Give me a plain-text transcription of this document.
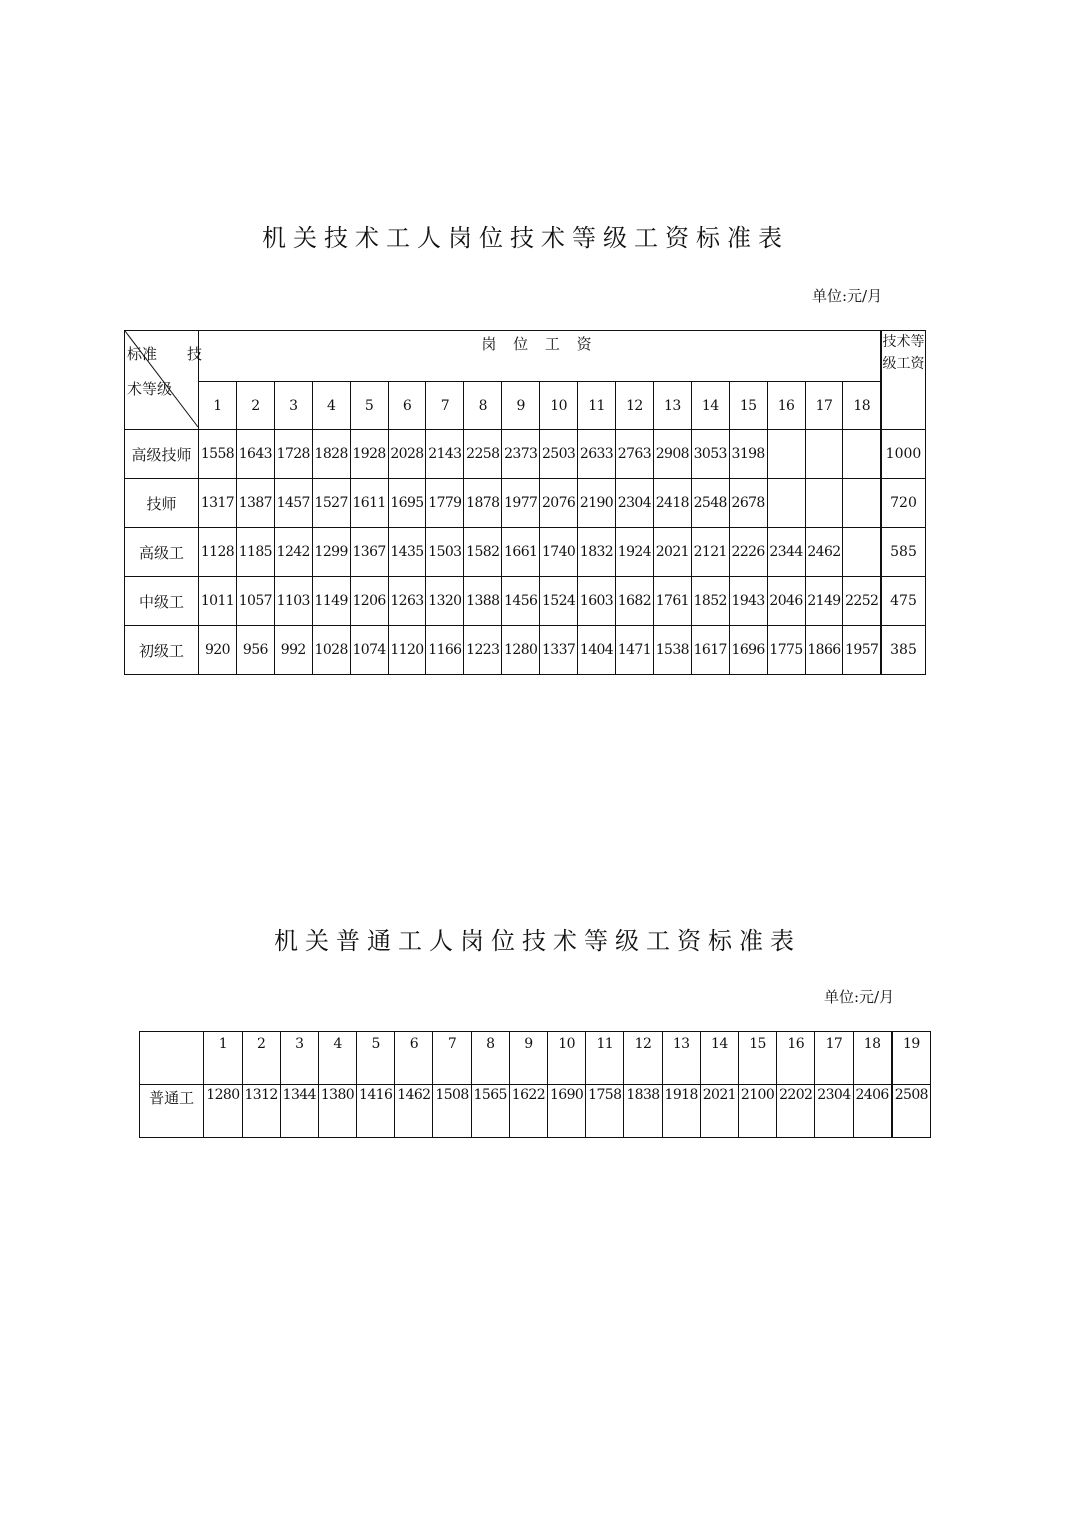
机关技术工人岗位技术等级工资标准表
单位:元/月
标准 技
术等级	岗 位 工 资																		技术等级工资
	1	2	3	4	5	6	7	8	9	10	11	12	13	14	15	16	17	18	
高级技师	1558	1643	1728	1828	1928	2028	2143	2258	2373	2503	2633	2763	2908	3053	3198				1000
技师	1317	1387	1457	1527	1611	1695	1779	1878	1977	2076	2190	2304	2418	2548	2678				720
高级工	1128	1185	1242	1299	1367	1435	1503	1582	1661	1740	1832	1924	2021	2121	2226	2344	2462		585
中级工	1011	1057	1103	1149	1206	1263	1320	1388	1456	1524	1603	1682	1761	1852	1943	2046	2149	2252	475
初级工	920	956	992	1028	1074	1120	1166	1223	1280	1337	1404	1471	1538	1617	1696	1775	1866	1957	385
机关普通工人岗位技术等级工资标准表
单位:元/月
	1	2	3	4	5	6	7	8	9	10	11	12	13	14	15	16	17	18	19
普通工	1280	1312	1344	1380	1416	1462	1508	1565	1622	1690	1758	1838	1918	2021	2100	2202	2304	2406	2508
